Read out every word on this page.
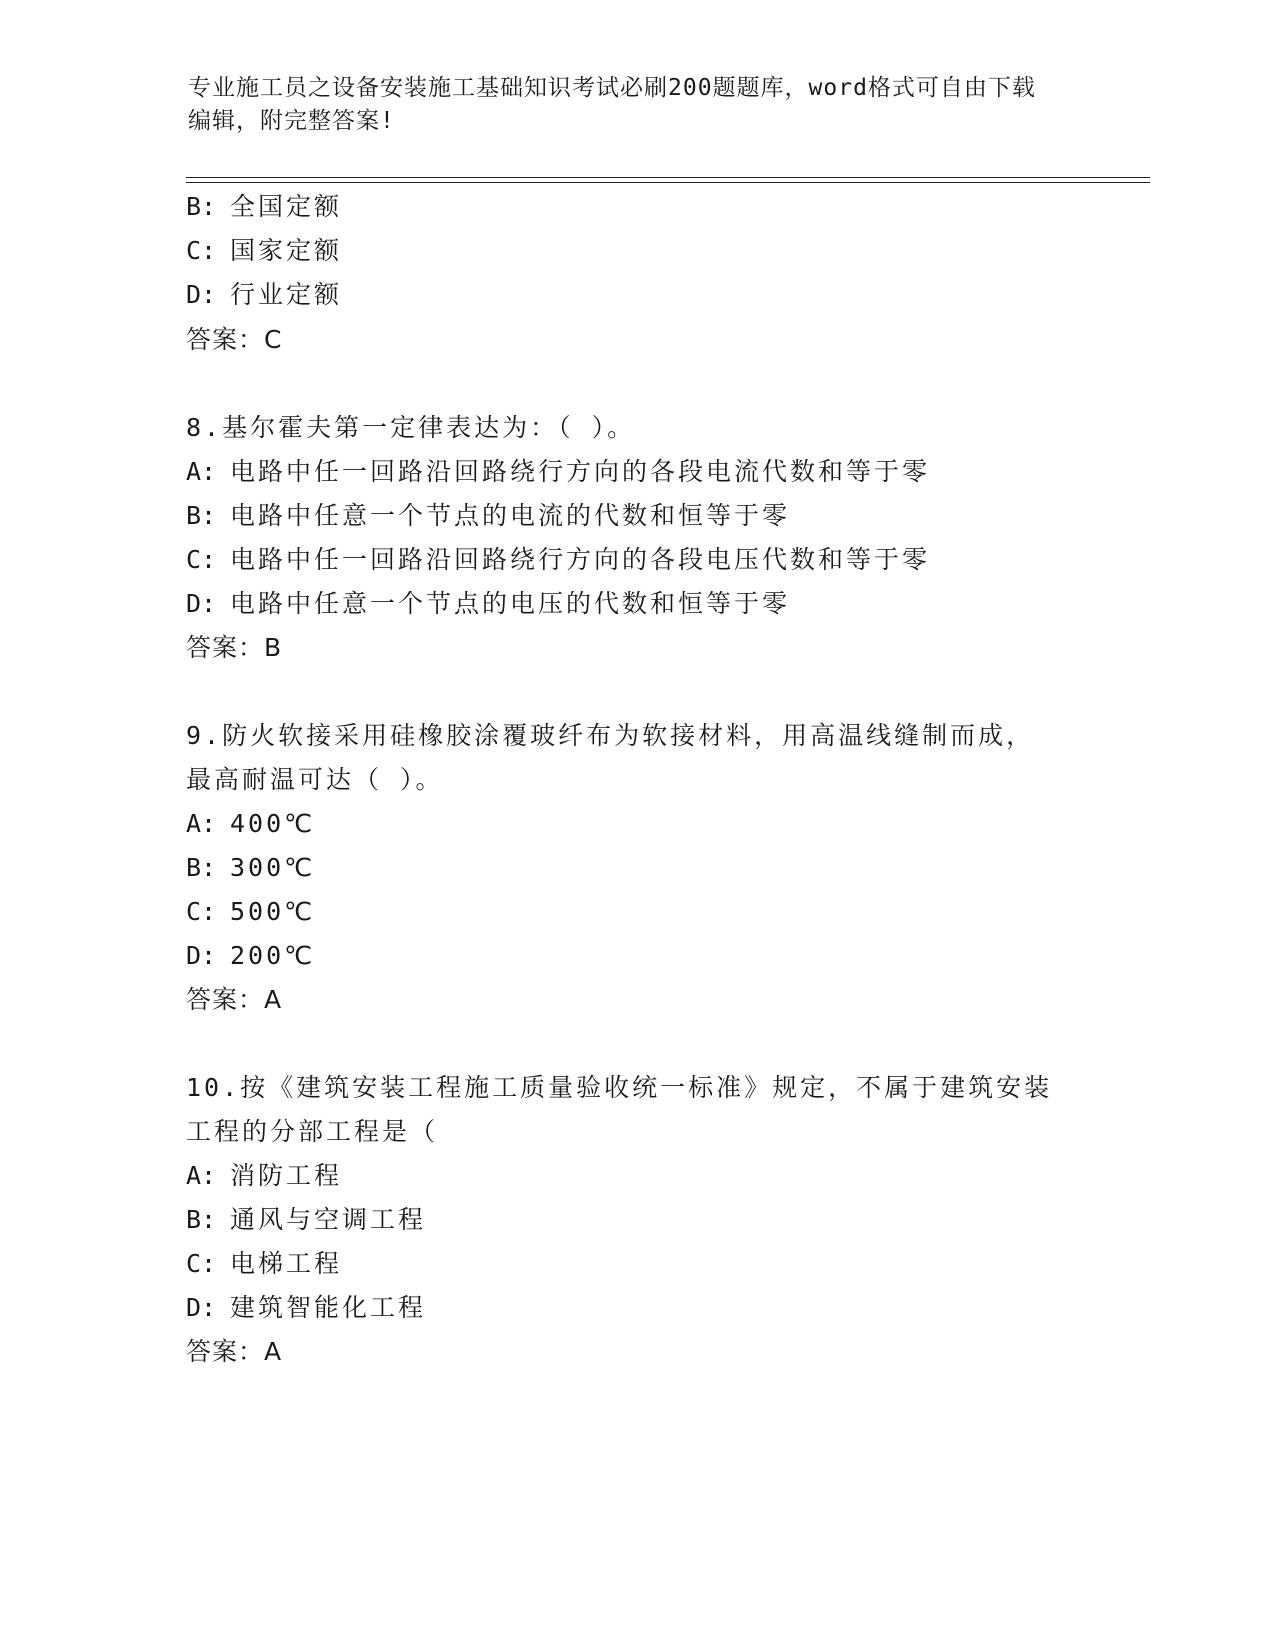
专业施工员之设备安装施工基础知识考试必刷200题题库，word格式可自由下载
编辑，附完整答案!
B: 全国定额
C: 国家定额
D: 行业定额
答案：C
8.基尔霍夫第一定律表达为：（ ）。
A: 电路中任一回路沿回路绕行方向的各段电流代数和等于零
B: 电路中任意一个节点的电流的代数和恒等于零
C: 电路中任一回路沿回路绕行方向的各段电压代数和等于零
D: 电路中任意一个节点的电压的代数和恒等于零
答案：B
9.防火软接采用硅橡胶涂覆玻纤布为软接材料，用高温线缝制而成，
最高耐温可达（ ）。
A: 400℃
B: 300℃
C: 500℃
D: 200℃
答案：A
10.按《建筑安装工程施工质量验收统一标准》规定，不属于建筑安装
工程的分部工程是（
A: 消防工程
B: 通风与空调工程
C: 电梯工程
D: 建筑智能化工程
答案：A
